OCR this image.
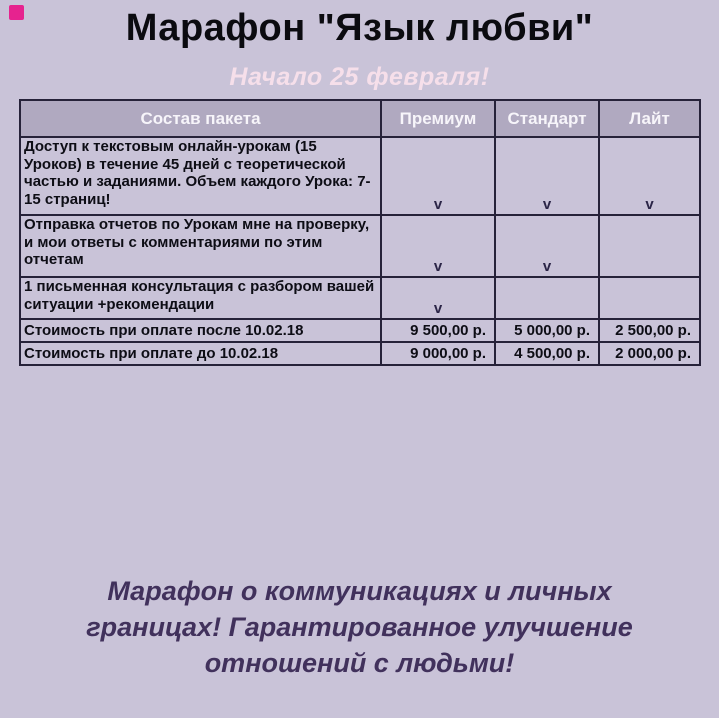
Марафон "Язык любви"
Начало 25 февраля!
Состав пакета	Премиум	Стандарт	Лайт
Доступ к текстовым онлайн-урокам (15 Уроков) в течение 45 дней с теоретической частью и заданиями. Объем каждого Урока: 7-15 страниц!	v	v	v
Отправка отчетов по Урокам мне на проверку, и мои ответы с комментариями по этим отчетам	v	v	
1 письменная консультация с разбором вашей ситуации +рекомендации	v		
Стоимость при оплате после 10.02.18	9 500,00 р.	5 000,00 р.	2 500,00 р.
Стоимость при оплате до 10.02.18	9 000,00 р.	4 500,00 р.	2 000,00 р.
Марафон о коммуникациях и личных границах! Гарантированное улучшение отношений с людьми!
